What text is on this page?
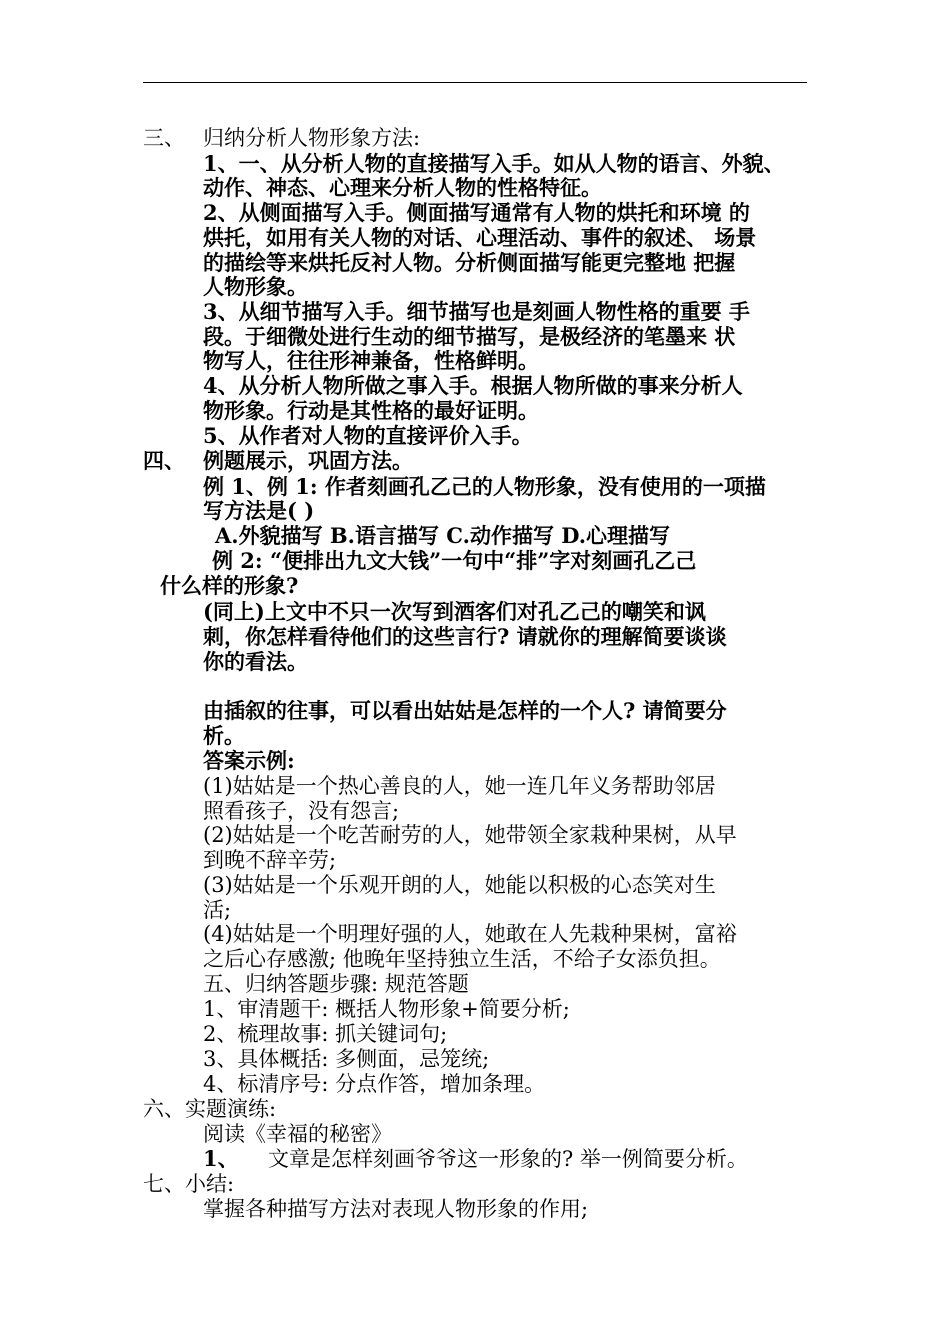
三、 归纳分析人物形象方法:
1、一、从分析人物的直接描写入手。如从人物的语言、外貌、
动作、神态、心理来分析人物的性格特征。
2、从侧面描写入手。侧面描写通常有人物的烘托和环境 的
烘托，如用有关人物的对话、心理活动、事件的叙述、 场景
的描绘等来烘托反衬人物。分析侧面描写能更完整地 把握
人物形象。
3、从细节描写入手。细节描写也是刻画人物性格的重要 手
段。于细微处进行生动的细节描写，是极经济的笔墨来 状
物写人，往往形神兼备，性格鲜明。
4、从分析人物所做之事入手。根据人物所做的事来分析人
物形象。行动是其性格的最好证明。
5、从作者对人物的直接评价入手。
四、 例题展示，巩固方法。
例 1、例 1: 作者刻画孔乙己的人物形象，没有使用的一项描
写方法是( )
A.外貌描写 B.语言描写 C.动作描写 D.心理描写
例 2: “便排出九文大钱”一句中“排”字对刻画孔乙己
什么样的形象?
(同上)上文中不只一次写到酒客们对孔乙己的嘲笑和讽
刺，你怎样看待他们的这些言行? 请就你的理解简要谈谈
你的看法。
由插叙的往事，可以看出姑姑是怎样的一个人? 请简要分
析。
答案示例:
(1)姑姑是一个热心善良的人，她一连几年义务帮助邻居
照看孩子，没有怨言;
(2)姑姑是一个吃苦耐劳的人，她带领全家栽种果树，从早
到晚不辞辛劳;
(3)姑姑是一个乐观开朗的人，她能以积极的心态笑对生
活;
(4)姑姑是一个明理好强的人，她敢在人先栽种果树，富裕
之后心存感激; 他晚年坚持独立生活，不给子女添负担。
五、归纳答题步骤: 规范答题
1、审清题干: 概括人物形象+简要分析;
2、梳理故事: 抓关键词句;
3、具体概括: 多侧面，忌笼统;
4、标清序号: 分点作答，增加条理。
六、实题演练:
阅读《幸福的秘密》
1、 文章是怎样刻画爷爷这一形象的? 举一例简要分析。
七、小结:
掌握各种描写方法对表现人物形象的作用;
